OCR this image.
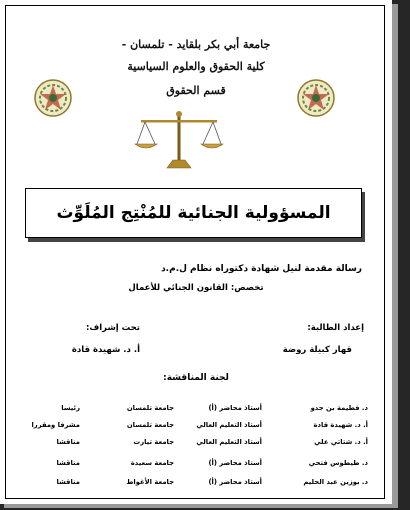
جامعة أبي بكر بلقايد - تلمسان -
كلية الحقوق والعلوم السياسية
قسم الحقوق
المسؤولية الجنائية للمُنْتِج المُلَوِّث
رسالة مقدمة لنيل شهادة دكتوراه نظام ل.م.د
تخصص: القانون الجنائي للأعمال
إعداد الطالبة:
قهار كبيلة روضة
تحت إشراف:
أ. د. شهيدة قادة
لجنة المناقشة:
د. فطيمة بن جدو
أستاذ محاضر (أ)
جامعة تلمسان
رئيسا
أ. د. شهيدة قادة
أستاذ التعليم العالي
جامعة تلمسان
مشرفا ومقررا
أ. د. شتاتي علي
أستاذ التعليم العالي
جامعة تيارت
مناقشا
د. طيطوس فتحي
أستاذ محاضر (أ)
جامعة سعيدة
مناقشا
د. بوزين عبد الحليم
أستاذ محاضر (أ)
جامعة الأغواط
مناقشا
